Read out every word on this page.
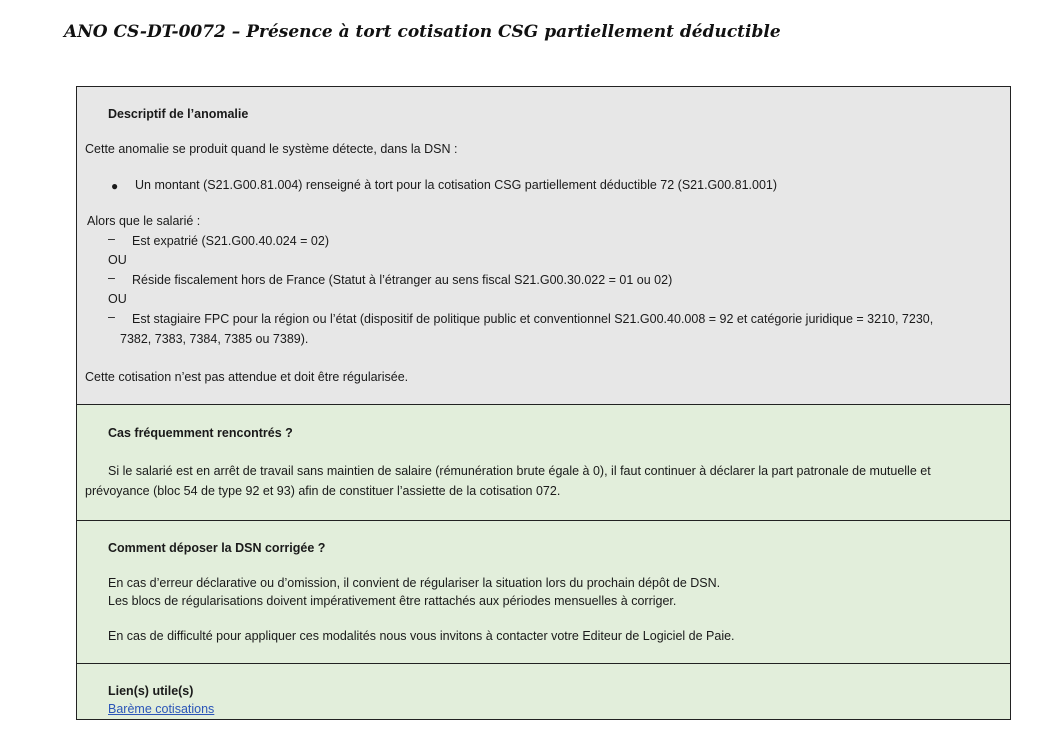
ANO CS-DT-0072 – Présence à tort cotisation CSG partiellement déductible
Descriptif de l’anomalie
Cette anomalie se produit quand le système détecte, dans la DSN :
● Un montant (S21.G00.81.004) renseigné à tort pour la cotisation CSG partiellement déductible 72 (S21.G00.81.001)
Alors que le salarié :
– Est expatrié (S21.G00.40.024 = 02)
OU
– Réside fiscalement hors de France (Statut à l’étranger au sens fiscal S21.G00.30.022 = 01 ou 02)
OU
– Est stagiaire FPC pour la région ou l’état (dispositif de politique public et conventionnel S21.G00.40.008 = 92 et catégorie juridique = 3210, 7230,
7382, 7383, 7384, 7385 ou 7389).
Cette cotisation n’est pas attendue et doit être régularisée.
Cas fréquemment rencontrés ?
Si le salarié est en arrêt de travail sans maintien de salaire (rémunération brute égale à 0), il faut continuer à déclarer la part patronale de mutuelle et
prévoyance (bloc 54 de type 92 et 93) afin de constituer l’assiette de la cotisation 072.
Comment déposer la DSN corrigée ?
En cas d’erreur déclarative ou d’omission, il convient de régulariser la situation lors du prochain dépôt de DSN.
Les blocs de régularisations doivent impérativement être rattachés aux périodes mensuelles à corriger.
En cas de difficulté pour appliquer ces modalités nous vous invitons à contacter votre Editeur de Logiciel de Paie.
Lien(s) utile(s)
Barème cotisations
